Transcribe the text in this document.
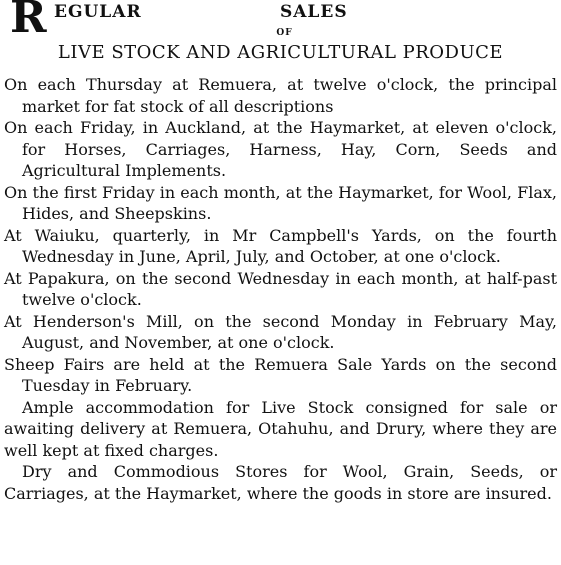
R EGULAR                    SALES
OF
LIVE STOCK AND AGRICULTURAL PRODUCE

On each Thursday at Remuera, at twelve o'clock, the principal market for fat stock of all descriptions

On each Friday, in Auckland, at the Haymarket, at eleven o'clock, for Horses, Carriages, Harness, Hay, Corn, Seeds and Agricultural Implements.

On the first Friday in each month, at the Haymarket, for Wool, Flax, Hides, and Sheepskins.

At Waiuku, quarterly, in Mr Campbell's Yards, on the fourth Wednesday in June, April, July, and October, at one o'clock.

At Papakura, on the second Wednesday in each month, at half-past twelve o'clock.

At Henderson's Mill, on the second Monday in February May, August, and November, at one o'clock.

Sheep Fairs are held at the Remuera Sale Yards on the second Tuesday in February.

Ample accommodation for Live Stock consigned for sale or awaiting delivery at Remuera, Otahuhu, and Drury, where they are well kept at fixed charges.

Dry and Commodious Stores for Wool, Grain, Seeds, or Carriages, at the Haymarket, where the goods in store are insured.
